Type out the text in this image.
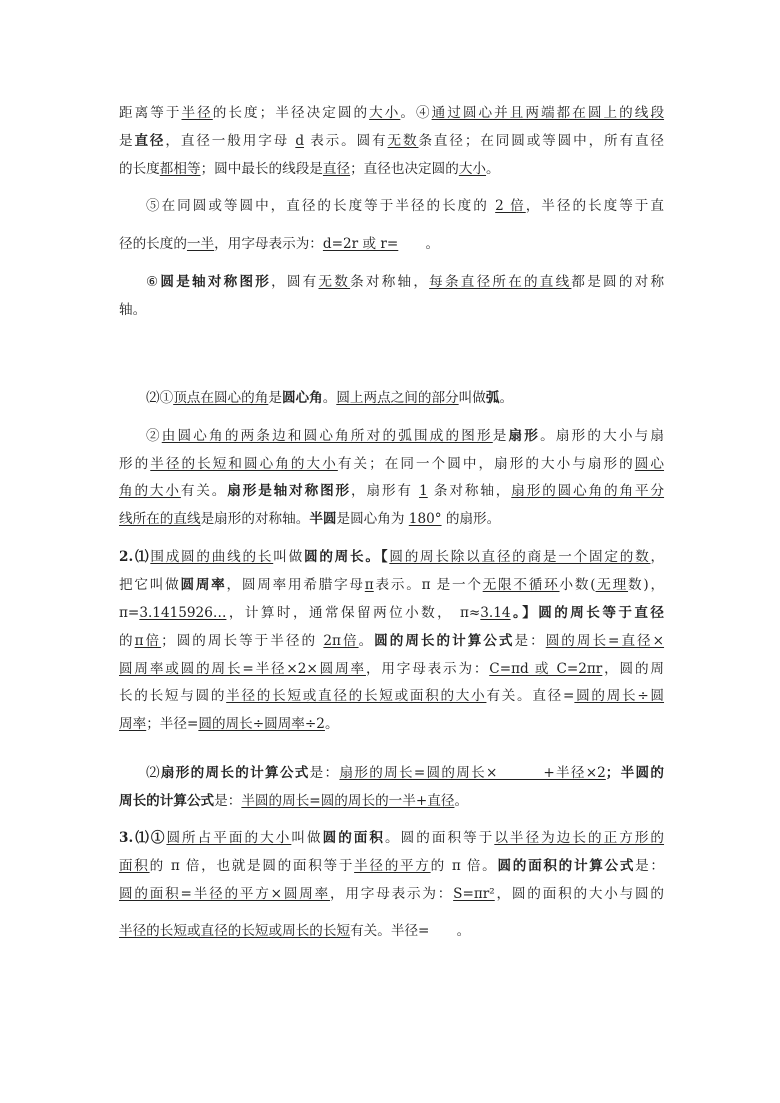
距离等于半径的长度；半径决定圆的大小。④通过圆心并且两端都在圆上的线段
是直径，直径一般用字母 d 表示。圆有无数条直径；在同圆或等圆中，所有直径
的长度都相等；圆中最长的线段是直径；直径也决定圆的大小。
⑤在同圆或等圆中，直径的长度等于半径的长度的 2 倍，半径的长度等于直
径的长度的一半，用字母表示为：d=2r 或 r=　　。
⑥圆是轴对称图形，圆有无数条对称轴，每条直径所在的直线都是圆的对称
轴。
⑵①顶点在圆心的角是圆心角。圆上两点之间的部分叫做弧。
②由圆心角的两条边和圆心角所对的弧围成的图形是扇形。扇形的大小与扇
形的半径的长短和圆心角的大小有关；在同一个圆中，扇形的大小与扇形的圆心
角的大小有关。扇形是轴对称图形，扇形有 1 条对称轴，扇形的圆心角的角平分
线所在的直线是扇形的对称轴。半圆是圆心角为 180° 的扇形。
2.⑴围成圆的曲线的长叫做圆的周长。【圆的周长除以直径的商是一个固定的数，
把它叫做圆周率，圆周率用希腊字母π表示。π 是一个无限不循环小数(无理数)，
π=3.1415926…，计算时，通常保留两位小数， π≈3.14。】圆的周长等于直径
的π倍；圆的周长等于半径的 2π倍。圆的周长的计算公式是：圆的周长=直径×
圆周率或圆的周长=半径×2×圆周率，用字母表示为：C=πd 或 C=2πr，圆的周
长的长短与圆的半径的长短或直径的长短或面积的大小有关。直径=圆的周长÷圆
周率；半径=圆的周长÷圆周率÷2。
⑵扇形的周长的计算公式是：扇形的周长=圆的周长×　　　+半径×2；半圆的
周长的计算公式是：半圆的周长=圆的周长的一半+直径。
3.⑴①圆所占平面的大小叫做圆的面积。圆的面积等于以半径为边长的正方形的
面积的 π 倍，也就是圆的面积等于半径的平方的 π 倍。圆的面积的计算公式是：
圆的面积=半径的平方×圆周率，用字母表示为：S=πr²，圆的面积的大小与圆的
半径的长短或直径的长短或周长的长短有关。半径=　　。
